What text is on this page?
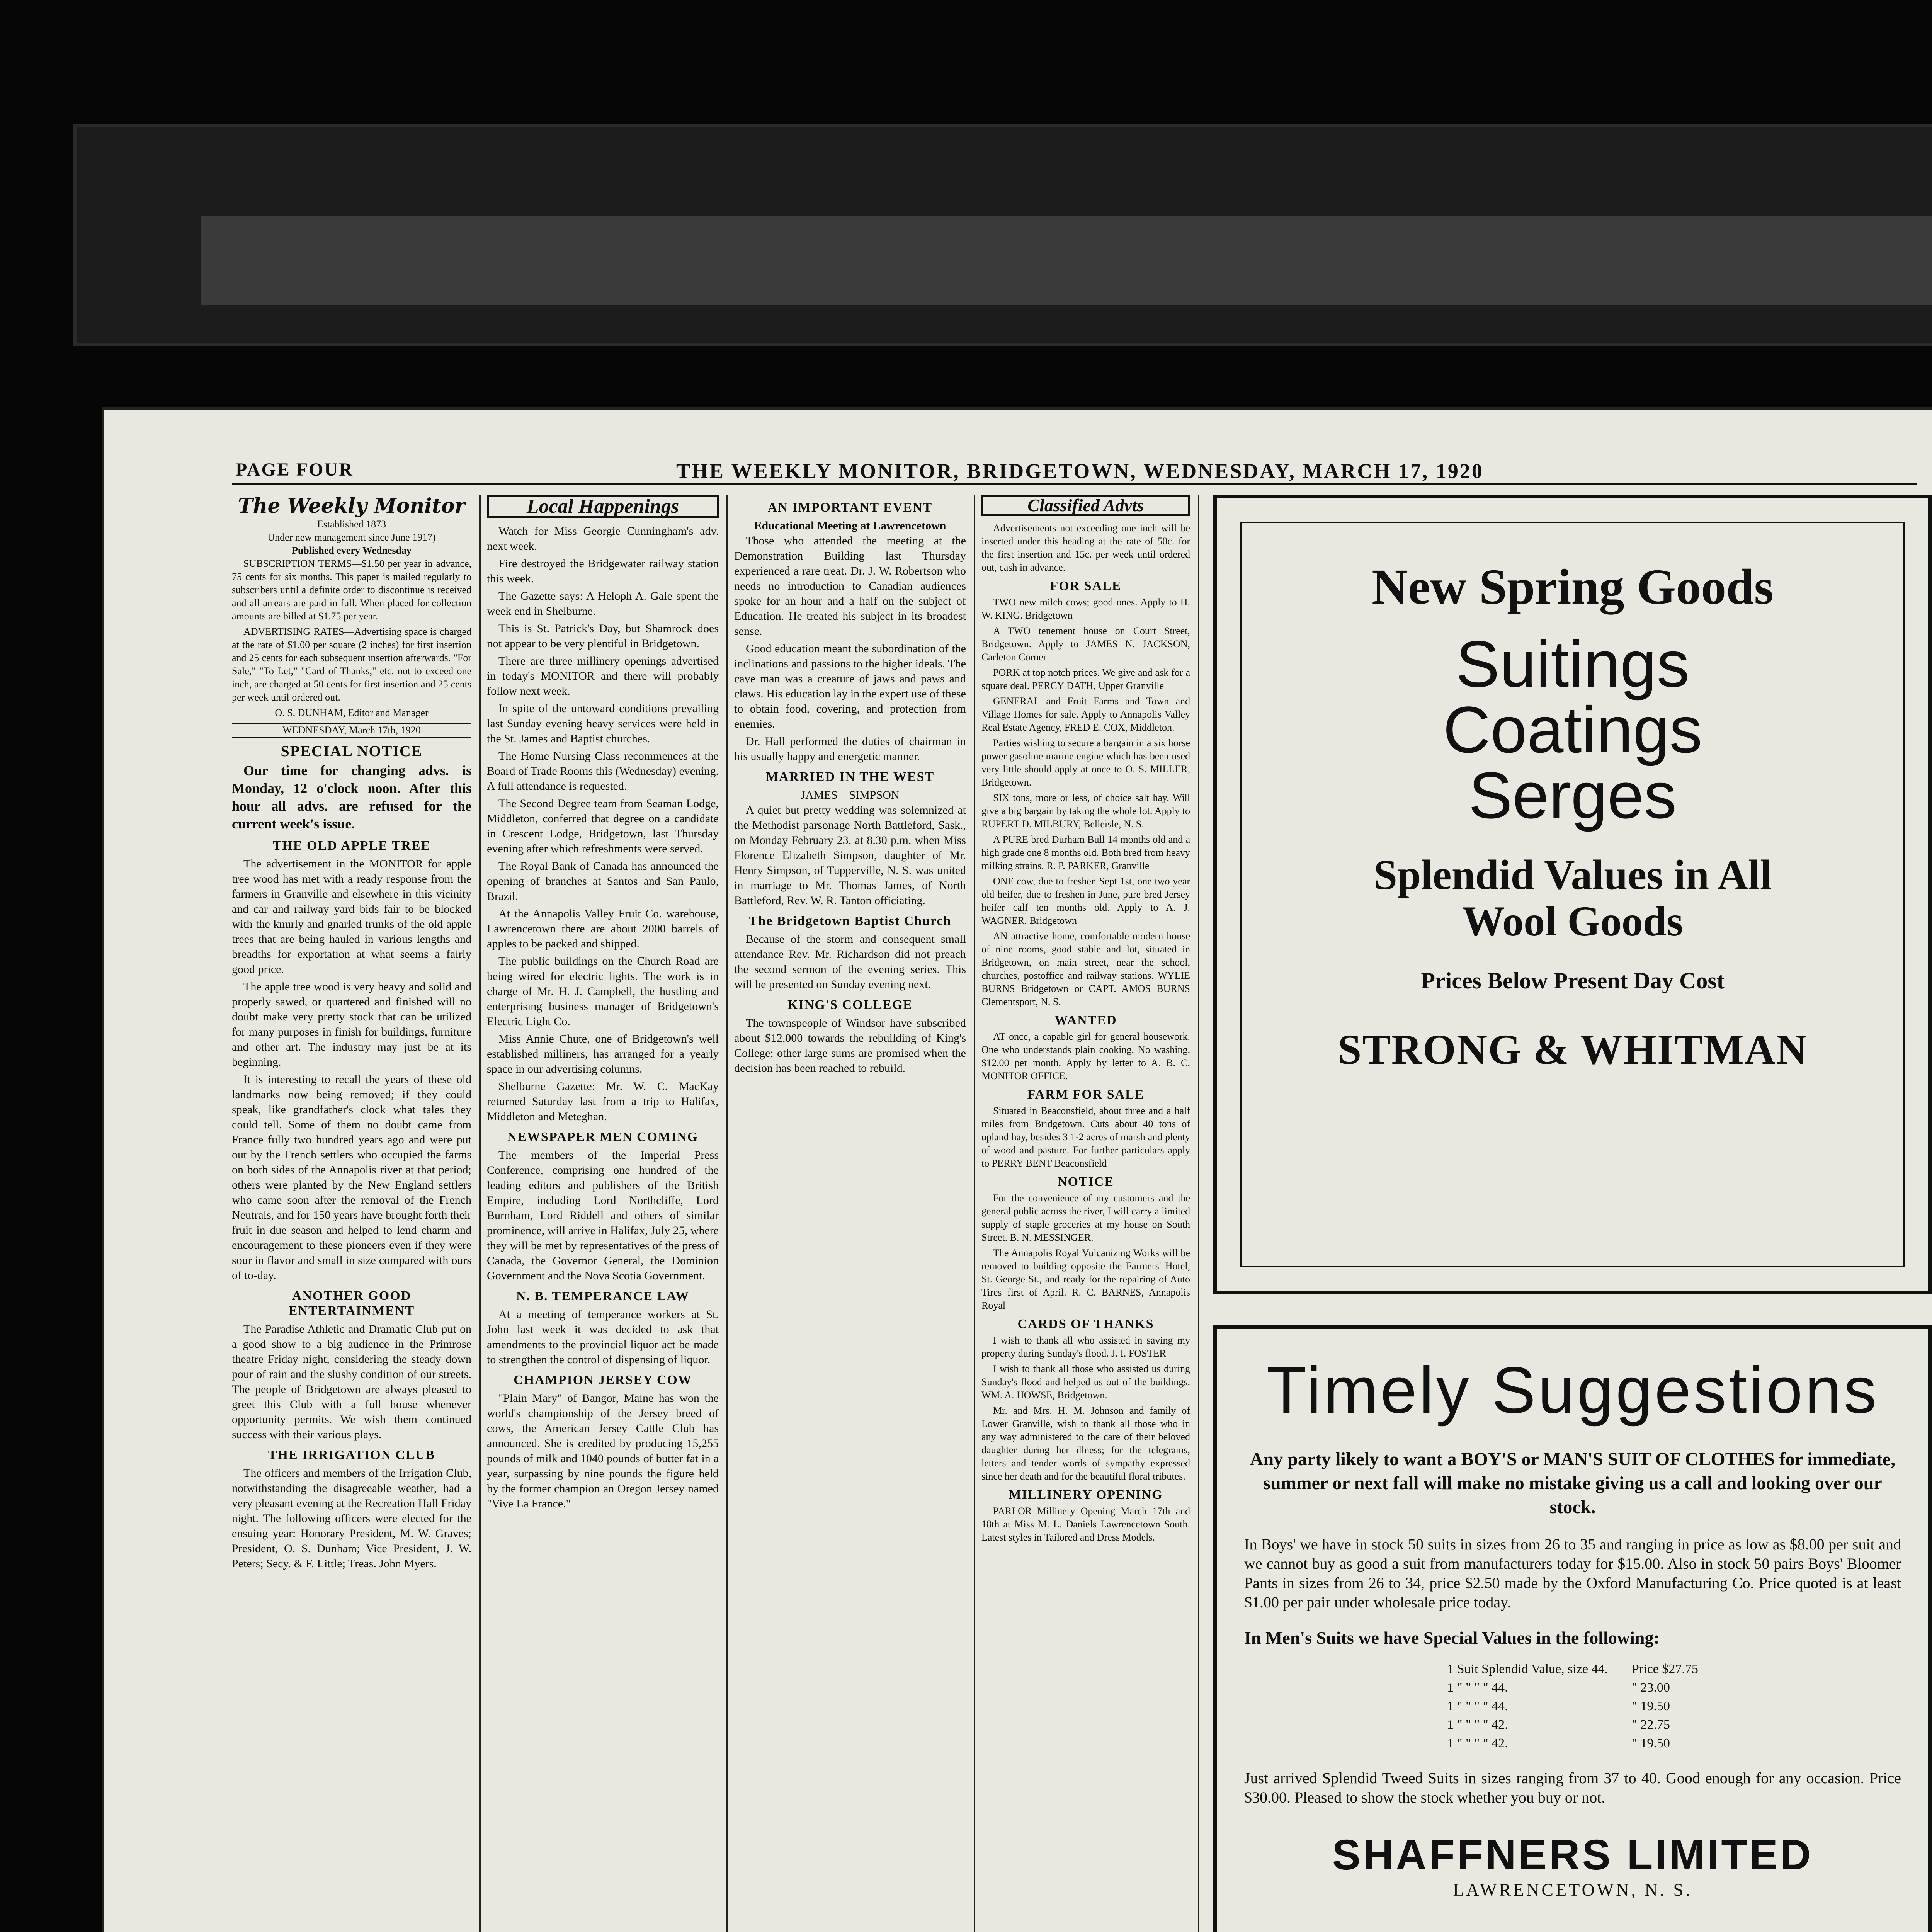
PAGE FOUR	THE WEEKLY MONITOR, BRIDGETOWN, WEDNESDAY, MARCH 17, 1920
The Weekly Monitor
Established 1873
Under new management since June 1917)
Published every Wednesday

SUBSCRIPTION TERMS—$1.50 per year in advance, 75 cents for six months. This paper is mailed regularly to subscribers until a definite order to discontinue is received and all arrears are paid in full. When placed for collection amounts are billed at $1.75 per year.

ADVERTISING RATES—Advertising space is charged at the rate of $1.00 per square (2 inches) for first insertion and 25 cents for each subsequent insertion afterwards. "For Sale," "To Let," "Card of Thanks," etc. not to exceed one inch, are charged at 50 cents for first insertion and 25 cents per week until ordered out.

O. S. DUNHAM, Editor and Manager
WEDNESDAY, March 17th, 1920
SPECIAL NOTICE

Our time for changing advs. is Monday, 12 o'clock noon. After this hour all advs. are refused for the current week's issue.

THE OLD APPLE TREE

The advertisement in the MONITOR for apple tree wood has met with a ready response from the farmers in Granville and elsewhere in this vicinity and car and railway yard bids fair to be blocked with the knurly and gnarled trunks of the old apple trees that are being hauled in various lengths and breadths for exportation at what seems a fairly good price.

The apple tree wood is very heavy and solid and properly sawed, or quartered and finished will no doubt make very pretty stock that can be utilized for many purposes in finish for buildings, furniture and other art. The industry may just be at its beginning.

It is interesting to recall the years of these old landmarks now being removed; if they could speak, like grandfather's clock what tales they could tell. Some of them no doubt came from France fully two hundred years ago and were put out by the French settlers who occupied the farms on both sides of the Annapolis river at that period; others were planted by the New England settlers who came soon after the removal of the French Neutrals, and for 150 years have brought forth their fruit in due season and helped to lend charm and encouragement to these pioneers even if they were sour in flavor and small in size compared with ours of to-day.

ANOTHER GOOD ENTERTAINMENT

The Paradise Athletic and Dramatic Club put on a good show to a big audience in the Primrose theatre Friday night, considering the steady down pour of rain and the slushy condition of our streets. The people of Bridgetown are always pleased to greet this Club with a full house whenever opportunity permits. We wish them continued success with their various plays.

THE IRRIGATION CLUB

The officers and members of the Irrigation Club, notwithstanding the disagreeable weather, had a very pleasant evening at the Recreation Hall Friday night. The following officers were elected for the ensuing year: Honorary President, M. W. Graves; President, O. S. Dunham; Vice President, J. W. Peters; Secy. & F. Little; Treas. John Myers.

Local Happenings

Watch for Miss Georgie Cunningham's adv. next week.

Fire destroyed the Bridgewater railway station this week.

The Gazette says: A Heloph A. Gale spent the week end in Shelburne.

This is St. Patrick's Day, but Shamrock does not appear to be very plentiful in Bridgetown.

There are three millinery openings advertised in today's MONITOR and there will probably follow next week.

In spite of the untoward conditions prevailing last Sunday evening heavy services were held in the St. James and Baptist churches.

The Home Nursing Class recommences at the Board of Trade Rooms this (Wednesday) evening. A full attendance is requested.

The Second Degree team from Seaman Lodge, Middleton, conferred that degree on a candidate in Crescent Lodge, Bridgetown, last Thursday evening after which refreshments were served.

The Royal Bank of Canada has announced the opening of branches at Santos and San Paulo, Brazil.

At the Annapolis Valley Fruit Co. warehouse, Lawrencetown there are about 2000 barrels of apples to be packed and shipped.

The public buildings on the Church Road are being wired for electric lights. The work is in charge of Mr. H. J. Campbell, the hustling and enterprising business manager of Bridgetown's Electric Light Co.

Miss Annie Chute, one of Bridgetown's well established milliners, has arranged for a yearly space in our advertising columns.

Shelburne Gazette: Mr. W. C. MacKay returned Saturday last from a trip to Halifax, Middleton and Meteghan.

NEWSPAPER MEN COMING

The members of the Imperial Press Conference, comprising one hundred of the leading editors and publishers of the British Empire, including Lord Northcliffe, Lord Burnham, Lord Riddell and others of similar prominence, will arrive in Halifax, July 25, where they will be met by representatives of the press of Canada, the Governor General, the Dominion Government and the Nova Scotia Government.

N. B. TEMPERANCE LAW

At a meeting of temperance workers at St. John last week it was decided to ask that amendments to the provincial liquor act be made to strengthen the control of dispensing of liquor.

CHAMPION JERSEY COW

"Plain Mary" of Bangor, Maine has won the world's championship of the Jersey breed of cows, the American Jersey Cattle Club has announced. She is credited by producing 15,255 pounds of milk and 1040 pounds of butter fat in a year, surpassing by nine pounds the figure held by the former champion an Oregon Jersey named "Vive La France."

AN IMPORTANT EVENT
Educational Meeting at Lawrencetown

Those who attended the meeting at the Demonstration Building last Thursday experienced a rare treat. Dr. J. W. Robertson who needs no introduction to Canadian audiences spoke for an hour and a half on the subject of Education. He treated his subject in its broadest sense.

Good education meant the subordination of the inclinations and passions to the higher ideals. The cave man was a creature of jaws and paws and claws. His education lay in the expert use of these to obtain food, covering, and protection from enemies.

Dr. Hall performed the duties of chairman in his usually happy and energetic manner.

MARRIED IN THE WEST
JAMES—SIMPSON

A quiet but pretty wedding was solemnized at the Methodist parsonage North Battleford, Sask., on Monday February 23, at 8.30 p.m. when Miss Florence Elizabeth Simpson, daughter of Mr. Henry Simpson, of Tupperville, N. S. was united in marriage to Mr. Thomas James, of North Battleford, Rev. W. R. Tanton officiating.

The Bridgetown Baptist Church

Because of the storm and consequent small attendance Rev. Mr. Richardson did not preach the second sermon of the evening series. This will be presented on Sunday evening next.

KING'S COLLEGE

The townspeople of Windsor have subscribed about $12,000 towards the rebuilding of King's College; other large sums are promised when the decision has been reached to rebuild.

Classified Advts

Advertisements not exceeding one inch will be inserted under this heading at the rate of 50c. for the first insertion and 15c. per week until ordered out, cash in advance.

FOR SALE

TWO new milch cows; good ones. Apply to H. W. KING. Bridgetown

A TWO tenement house on Court Street, Bridgetown. Apply to JAMES N. JACKSON, Carleton Corner

PORK at top notch prices. We give and ask for a square deal. PERCY DATH, Upper Granville

GENERAL and Fruit Farms and Town and Village Homes for sale. Apply to Annapolis Valley Real Estate Agency, FRED E. COX, Middleton.

Parties wishing to secure a bargain in a six horse power gasoline marine engine which has been used very little should apply at once to O. S. MILLER, Bridgetown.

SIX tons, more or less, of choice salt hay. Will give a big bargain by taking the whole lot. Apply to RUPERT D. MILBURY, Belleisle, N. S.

A PURE bred Durham Bull 14 months old and a high grade one 8 months old. Both bred from heavy milking strains. R. P. PARKER, Granville

ONE cow, due to freshen Sept 1st, one two year old heifer, due to freshen in June, pure bred Jersey heifer calf ten months old. Apply to A. J. WAGNER, Bridgetown

AN attractive home, comfortable modern house of nine rooms, good stable and lot, situated in Bridgetown, on main street, near the school, churches, postoffice and railway stations. WYLIE BURNS Bridgetown or CAPT. AMOS BURNS Clementsport, N. S.

WANTED

AT once, a capable girl for general housework. One who understands plain cooking. No washing. $12.00 per month. Apply by letter to A. B. C. MONITOR OFFICE.

FARM FOR SALE

Situated in Beaconsfield, about three and a half miles from Bridgetown. Cuts about 40 tons of upland hay, besides 3 1-2 acres of marsh and plenty of wood and pasture. For further particulars apply to PERRY BENT Beaconsfield

NOTICE

For the convenience of my customers and the general public across the river, I will carry a limited supply of staple groceries at my house on South Street. B. N. MESSINGER.

The Annapolis Royal Vulcanizing Works will be removed to building opposite the Farmers' Hotel, St. George St., and ready for the repairing of Auto Tires first of April. R. C. BARNES, Annapolis Royal

CARDS OF THANKS

I wish to thank all who assisted in saving my property during Sunday's flood. J. I. FOSTER

I wish to thank all those who assisted us during Sunday's flood and helped us out of the buildings. WM. A. HOWSE, Bridgetown.

Mr. and Mrs. H. M. Johnson and family of Lower Granville, wish to thank all those who in any way administered to the care of their beloved daughter during her illness; for the telegrams, letters and tender words of sympathy expressed since her death and for the beautiful floral tributes.

MILLINERY OPENING

PARLOR Millinery Opening March 17th and 18th at Miss M. L. Daniels Lawrencetown South. Latest styles in Tailored and Dress Models.

New Spring Goods
Suitings
Coatings
Serges
Splendid Values in All
Wool Goods
Prices Below Present Day Cost
STRONG & WHITMAN
Timely Suggestions
Any party likely to want a BOY'S or MAN'S SUIT OF CLOTHES for immediate, summer or next fall will make no mistake giving us a call and looking over our stock.
In Boys' we have in stock 50 suits in sizes from 26 to 35 and ranging in price as low as $8.00 per suit and we cannot buy as good a suit from manufacturers today for $15.00. Also in stock 50 pairs Boys' Bloomer Pants in sizes from 26 to 34, price $2.50 made by the Oxford Manufacturing Co. Price quoted is at least $1.00 per pair under wholesale price today.
In Men's Suits we have Special Values in the following:
1 Suit Splendid Value, size 44.	Price $27.75
1 " " " " 44.	" 23.00
1 " " " " 44.	" 19.50
1 " " " " 42.	" 22.75
1 " " " " 42.	" 19.50
Just arrived Splendid Tweed Suits in sizes ranging from 37 to 40. Good enough for any occasion. Price $30.00. Pleased to show the stock whether you buy or not.
SHAFFNERS LIMITED
LAWRENCETOWN, N. S.
